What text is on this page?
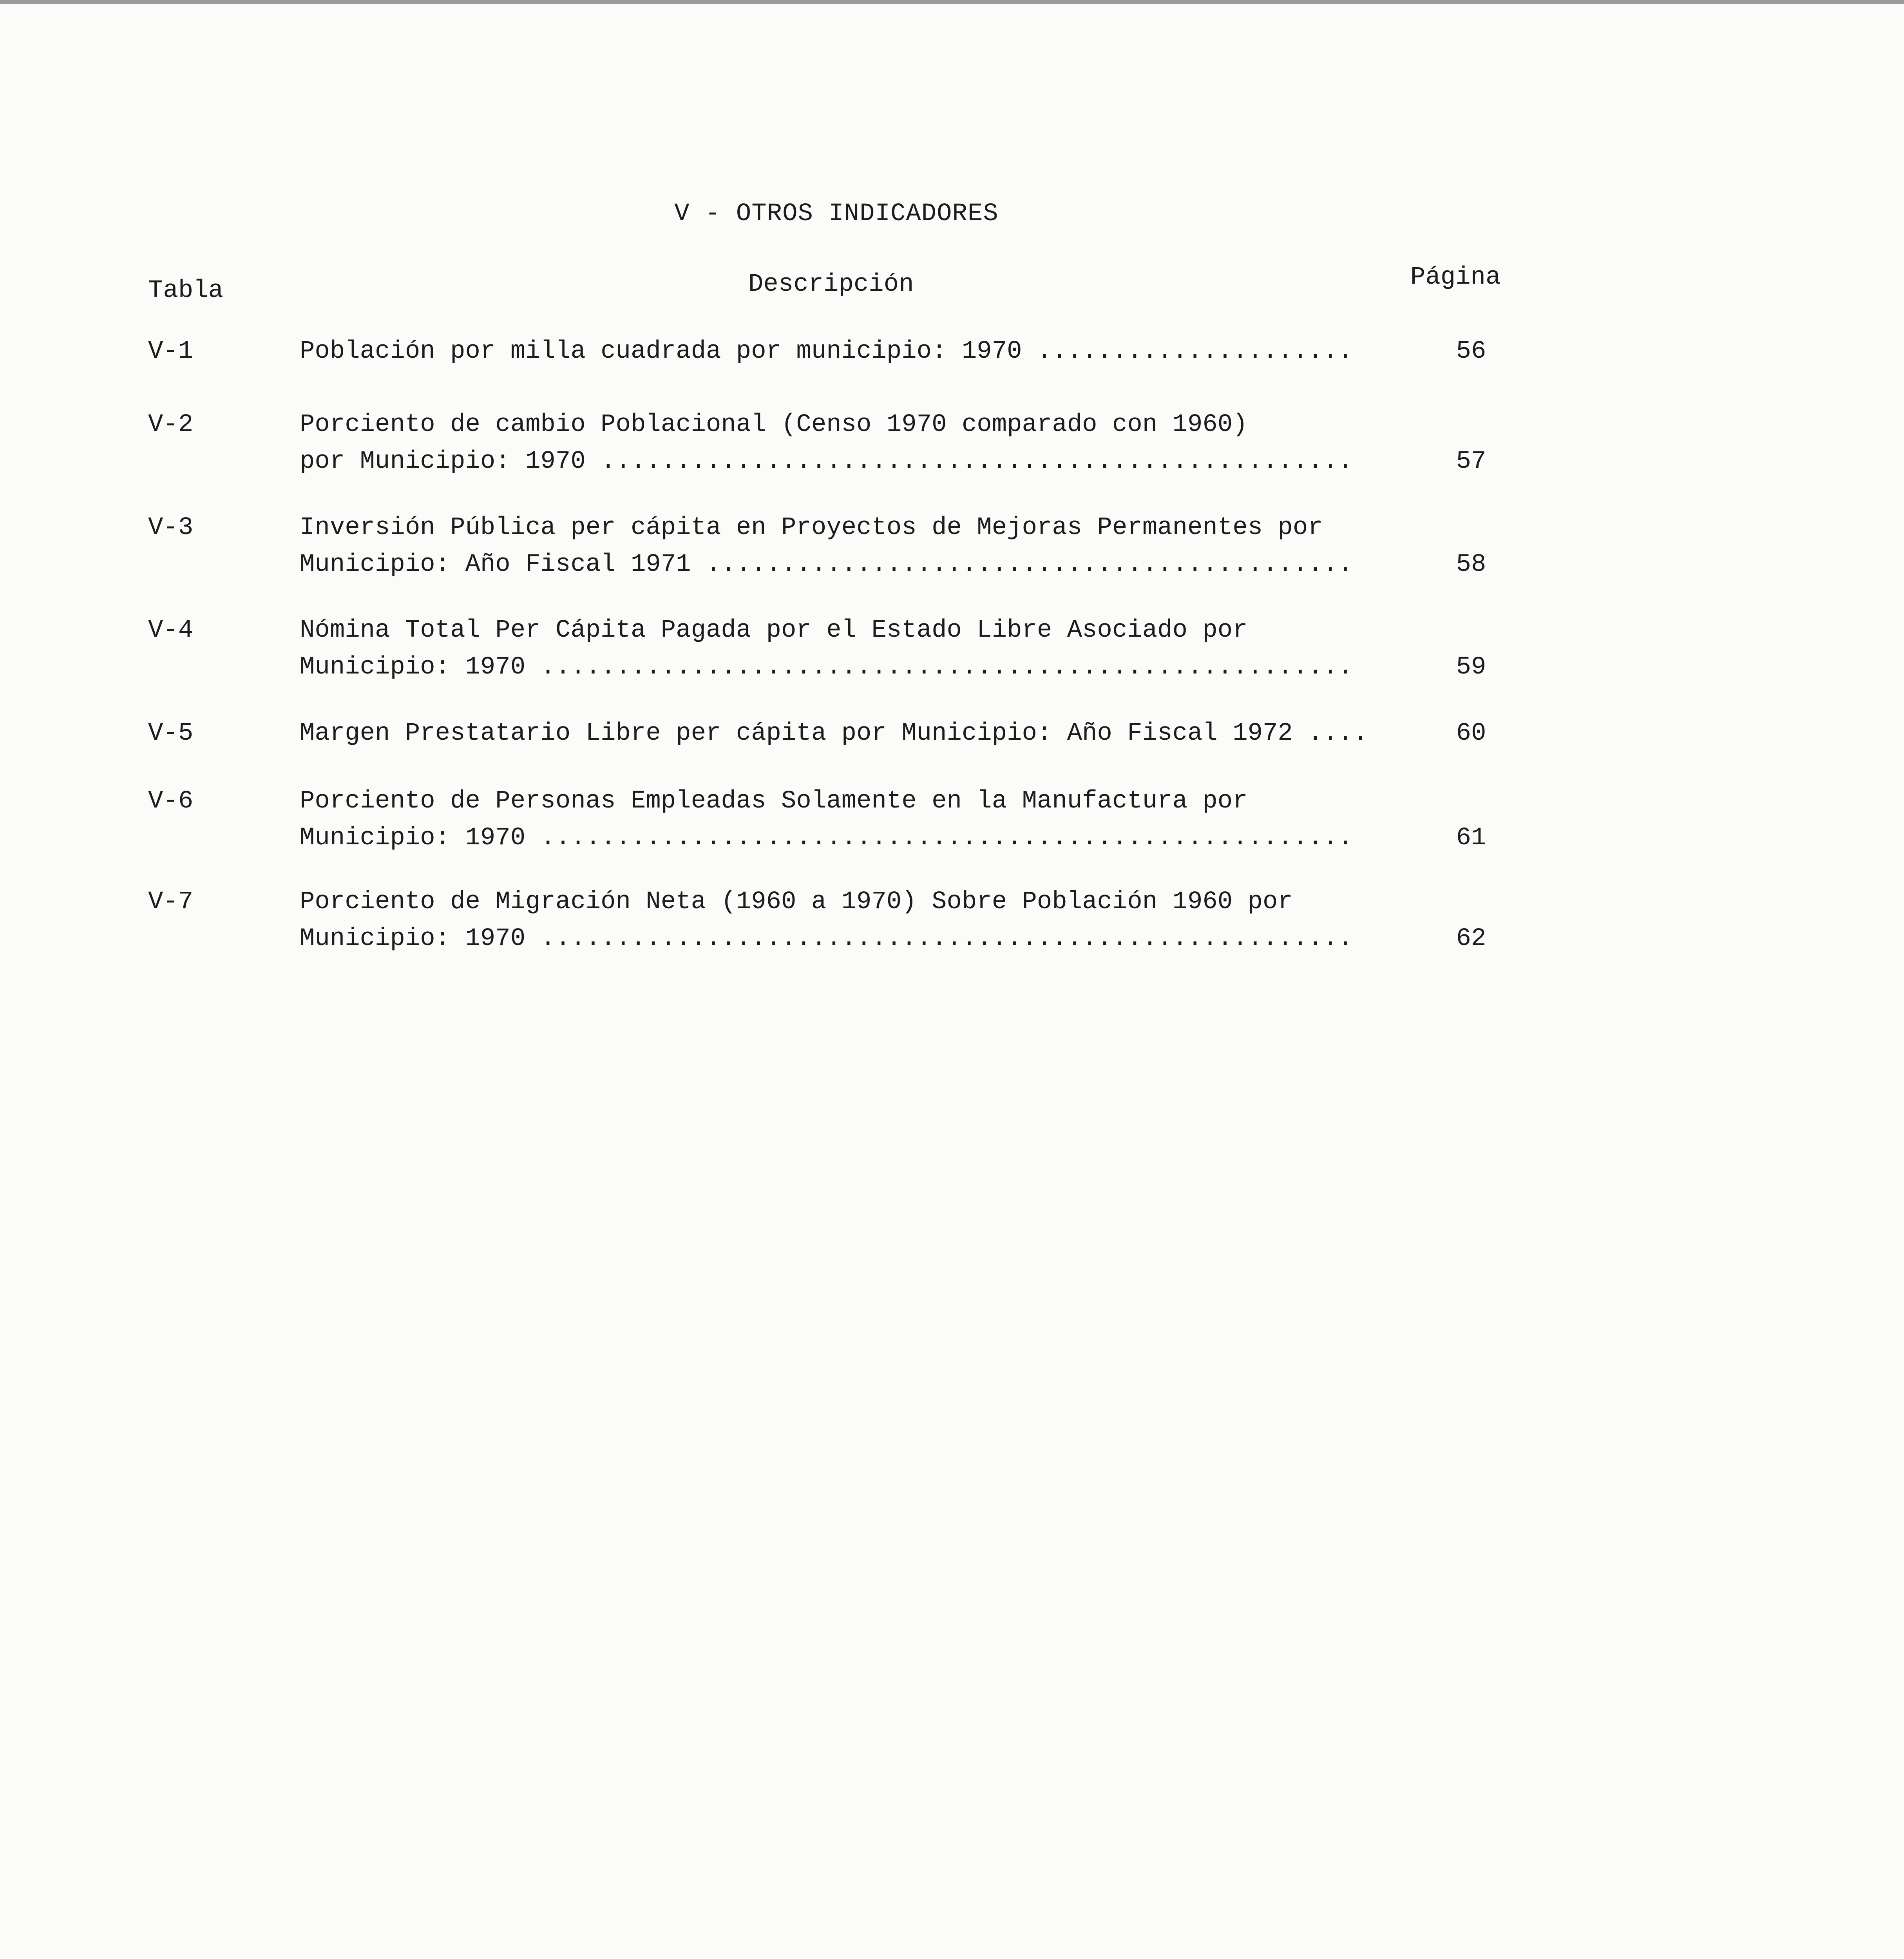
V - OTROS INDICADORES
Tabla	Descripción	Página
V-1	Población por milla cuadrada por municipio: 1970 .....	56
V-2	Porciento de cambio Poblacional (Censo 1970 comparado con 1960)
por Municipio: 1970 .....	57
V-3	Inversión Pública per cápita en Proyectos de Mejoras Permanentes por
Municipio: Año Fiscal 1971 .....	58
V-4	Nómina Total Per Cápita Pagada por el Estado Libre Asociado por
Municipio: 1970 .....	59
V-5	Margen Prestatario Libre per cápita por Municipio: Año Fiscal 1972 .....	60
V-6	Porciento de Personas Empleadas Solamente en la Manufactura por
Municipio: 1970 .....	61
V-7	Porciento de Migración Neta (1960 a 1970) Sobre Población 1960 por
Municipio: 1970 .....	62
